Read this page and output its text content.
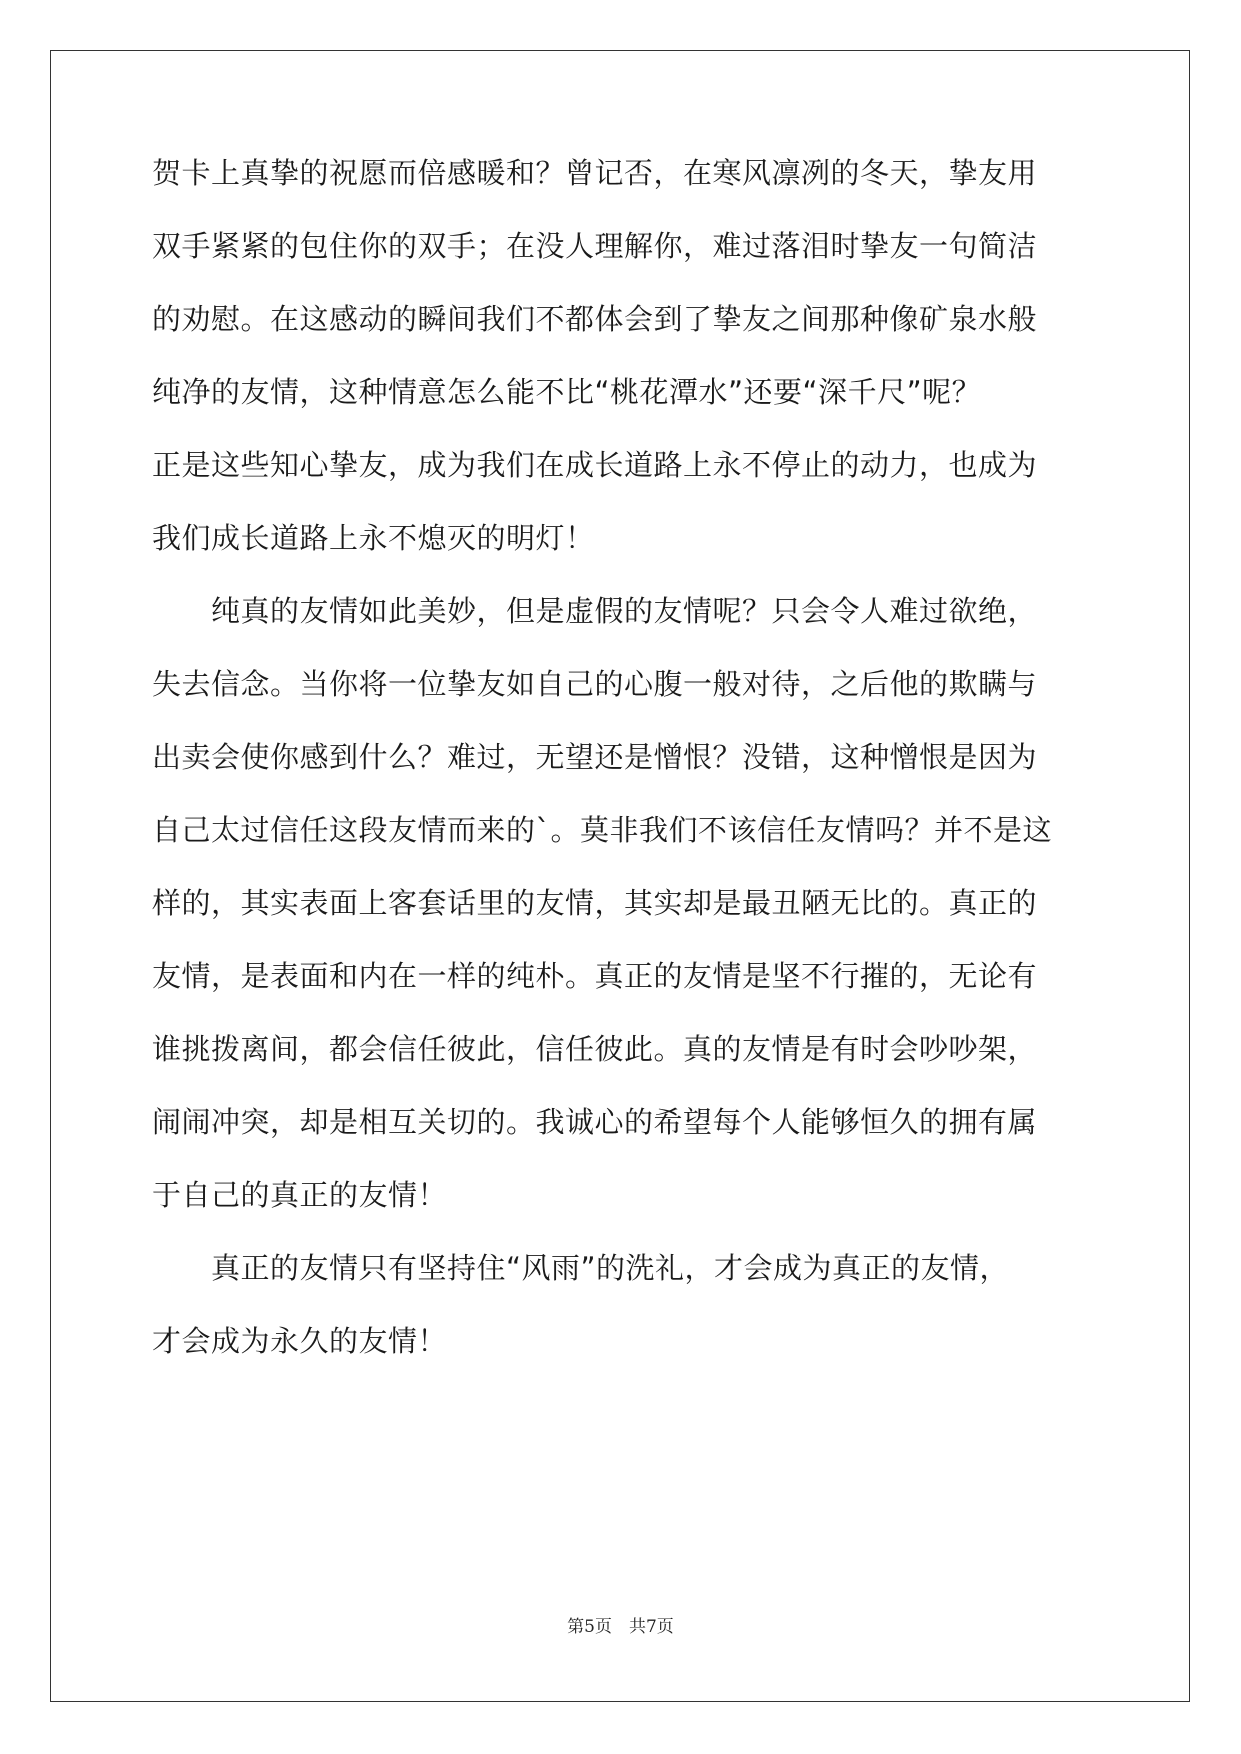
贺卡上真挚的祝愿而倍感暖和？曾记否，在寒风凛冽的冬天，挚友用
双手紧紧的包住你的双手；在没人理解你，难过落泪时挚友一句简洁
的劝慰。在这感动的瞬间我们不都体会到了挚友之间那种像矿泉水般
纯净的友情，这种情意怎么能不比“桃花潭水”还要“深千尺”呢？
正是这些知心挚友，成为我们在成长道路上永不停止的动力，也成为
我们成长道路上永不熄灭的明灯！
　　纯真的友情如此美妙，但是虚假的友情呢？只会令人难过欲绝，
失去信念。当你将一位挚友如自己的心腹一般对待，之后他的欺瞒与
出卖会使你感到什么？难过，无望还是憎恨？没错，这种憎恨是因为
自己太过信任这段友情而来的`。莫非我们不该信任友情吗？并不是这
样的，其实表面上客套话里的友情，其实却是最丑陋无比的。真正的
友情，是表面和内在一样的纯朴。真正的友情是坚不行摧的，无论有
谁挑拨离间，都会信任彼此，信任彼此。真的友情是有时会吵吵架，
闹闹冲突，却是相互关切的。我诚心的希望每个人能够恒久的拥有属
于自己的真正的友情！
　　真正的友情只有坚持住“风雨”的洗礼，才会成为真正的友情，
才会成为永久的友情！
第5页　共7页
